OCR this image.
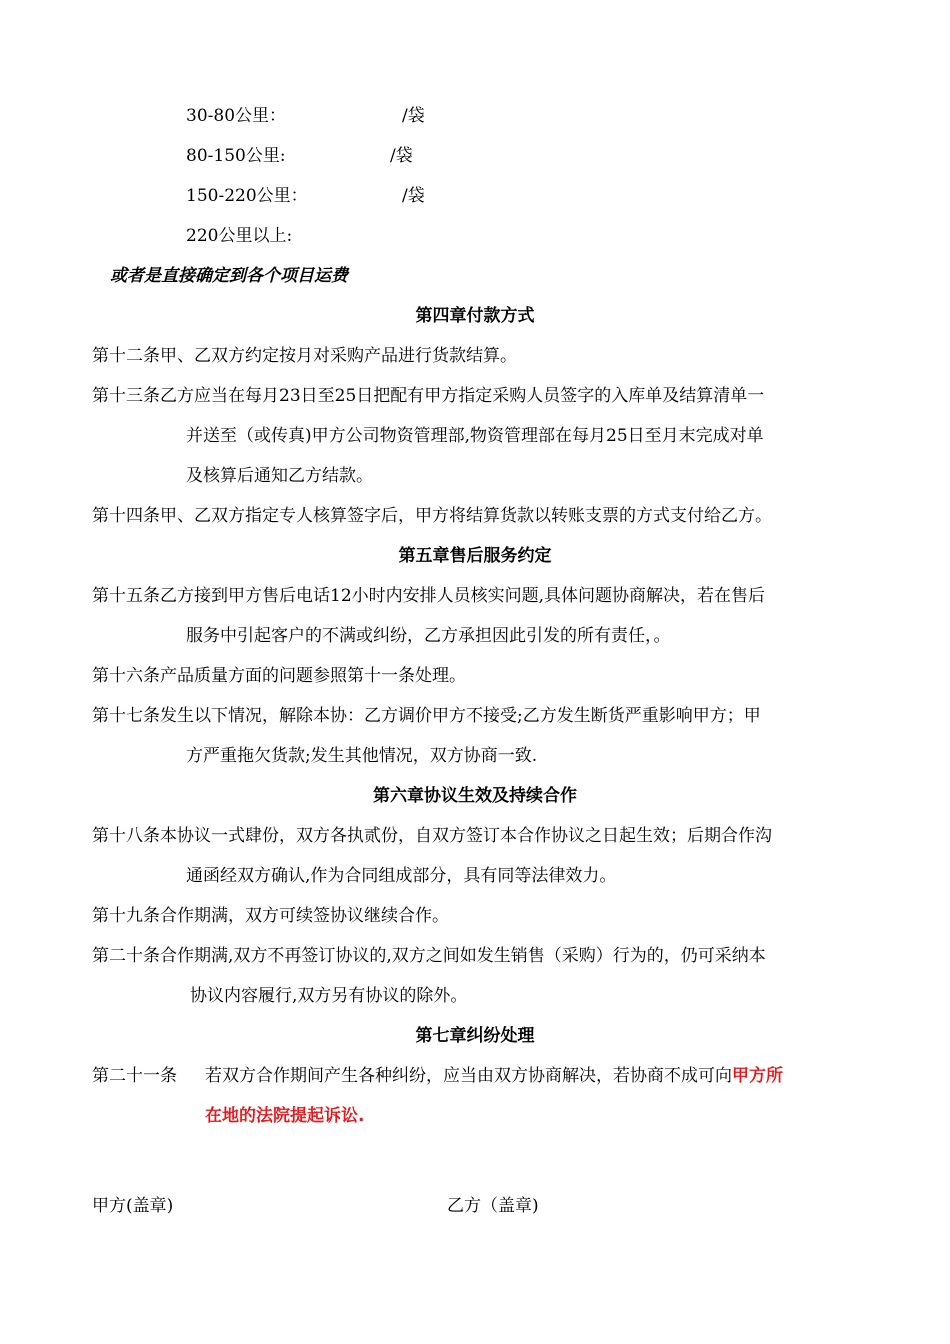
30-80公里：	/袋
80-150公里:	/袋
150-220公里：	/袋
220公里以上:
或者是直接确定到各个项目运费
第四章付款方式
第十二条甲、乙双方约定按月对采购产品进行货款结算。
第十三条乙方应当在每月23日至25日把配有甲方指定采购人员签字的入库单及结算清单一
并送至（或传真)甲方公司物资管理部,物资管理部在每月25日至月末完成对单
及核算后通知乙方结款。
第十四条甲、乙双方指定专人核算签字后，甲方将结算货款以转账支票的方式支付给乙方。
第五章售后服务约定
第十五条乙方接到甲方售后电话12小时内安排人员核实问题,具体问题协商解决，若在售后
服务中引起客户的不满或纠纷，乙方承担因此引发的所有责任，。
第十六条产品质量方面的问题参照第十一条处理。
第十七条发生以下情况，解除本协：乙方调价甲方不接受;乙方发生断货严重影响甲方；甲
方严重拖欠货款;发生其他情况，双方协商一致.
第六章协议生效及持续合作
第十八条本协议一式肆份，双方各执贰份，自双方签订本合作协议之日起生效；后期合作沟
通函经双方确认,作为合同组成部分，具有同等法律效力。
第十九条合作期满，双方可续签协议继续合作。
第二十条合作期满,双方不再签订协议的,双方之间如发生销售（采购）行为的，仍可采纳本
协议内容履行,双方另有协议的除外。
第七章纠纷处理
第二十一条 若双方合作期间产生各种纠纷，应当由双方协商解决，若协商不成可向甲方所
在地的法院提起诉讼.
甲方(盖章)	乙方（盖章)
